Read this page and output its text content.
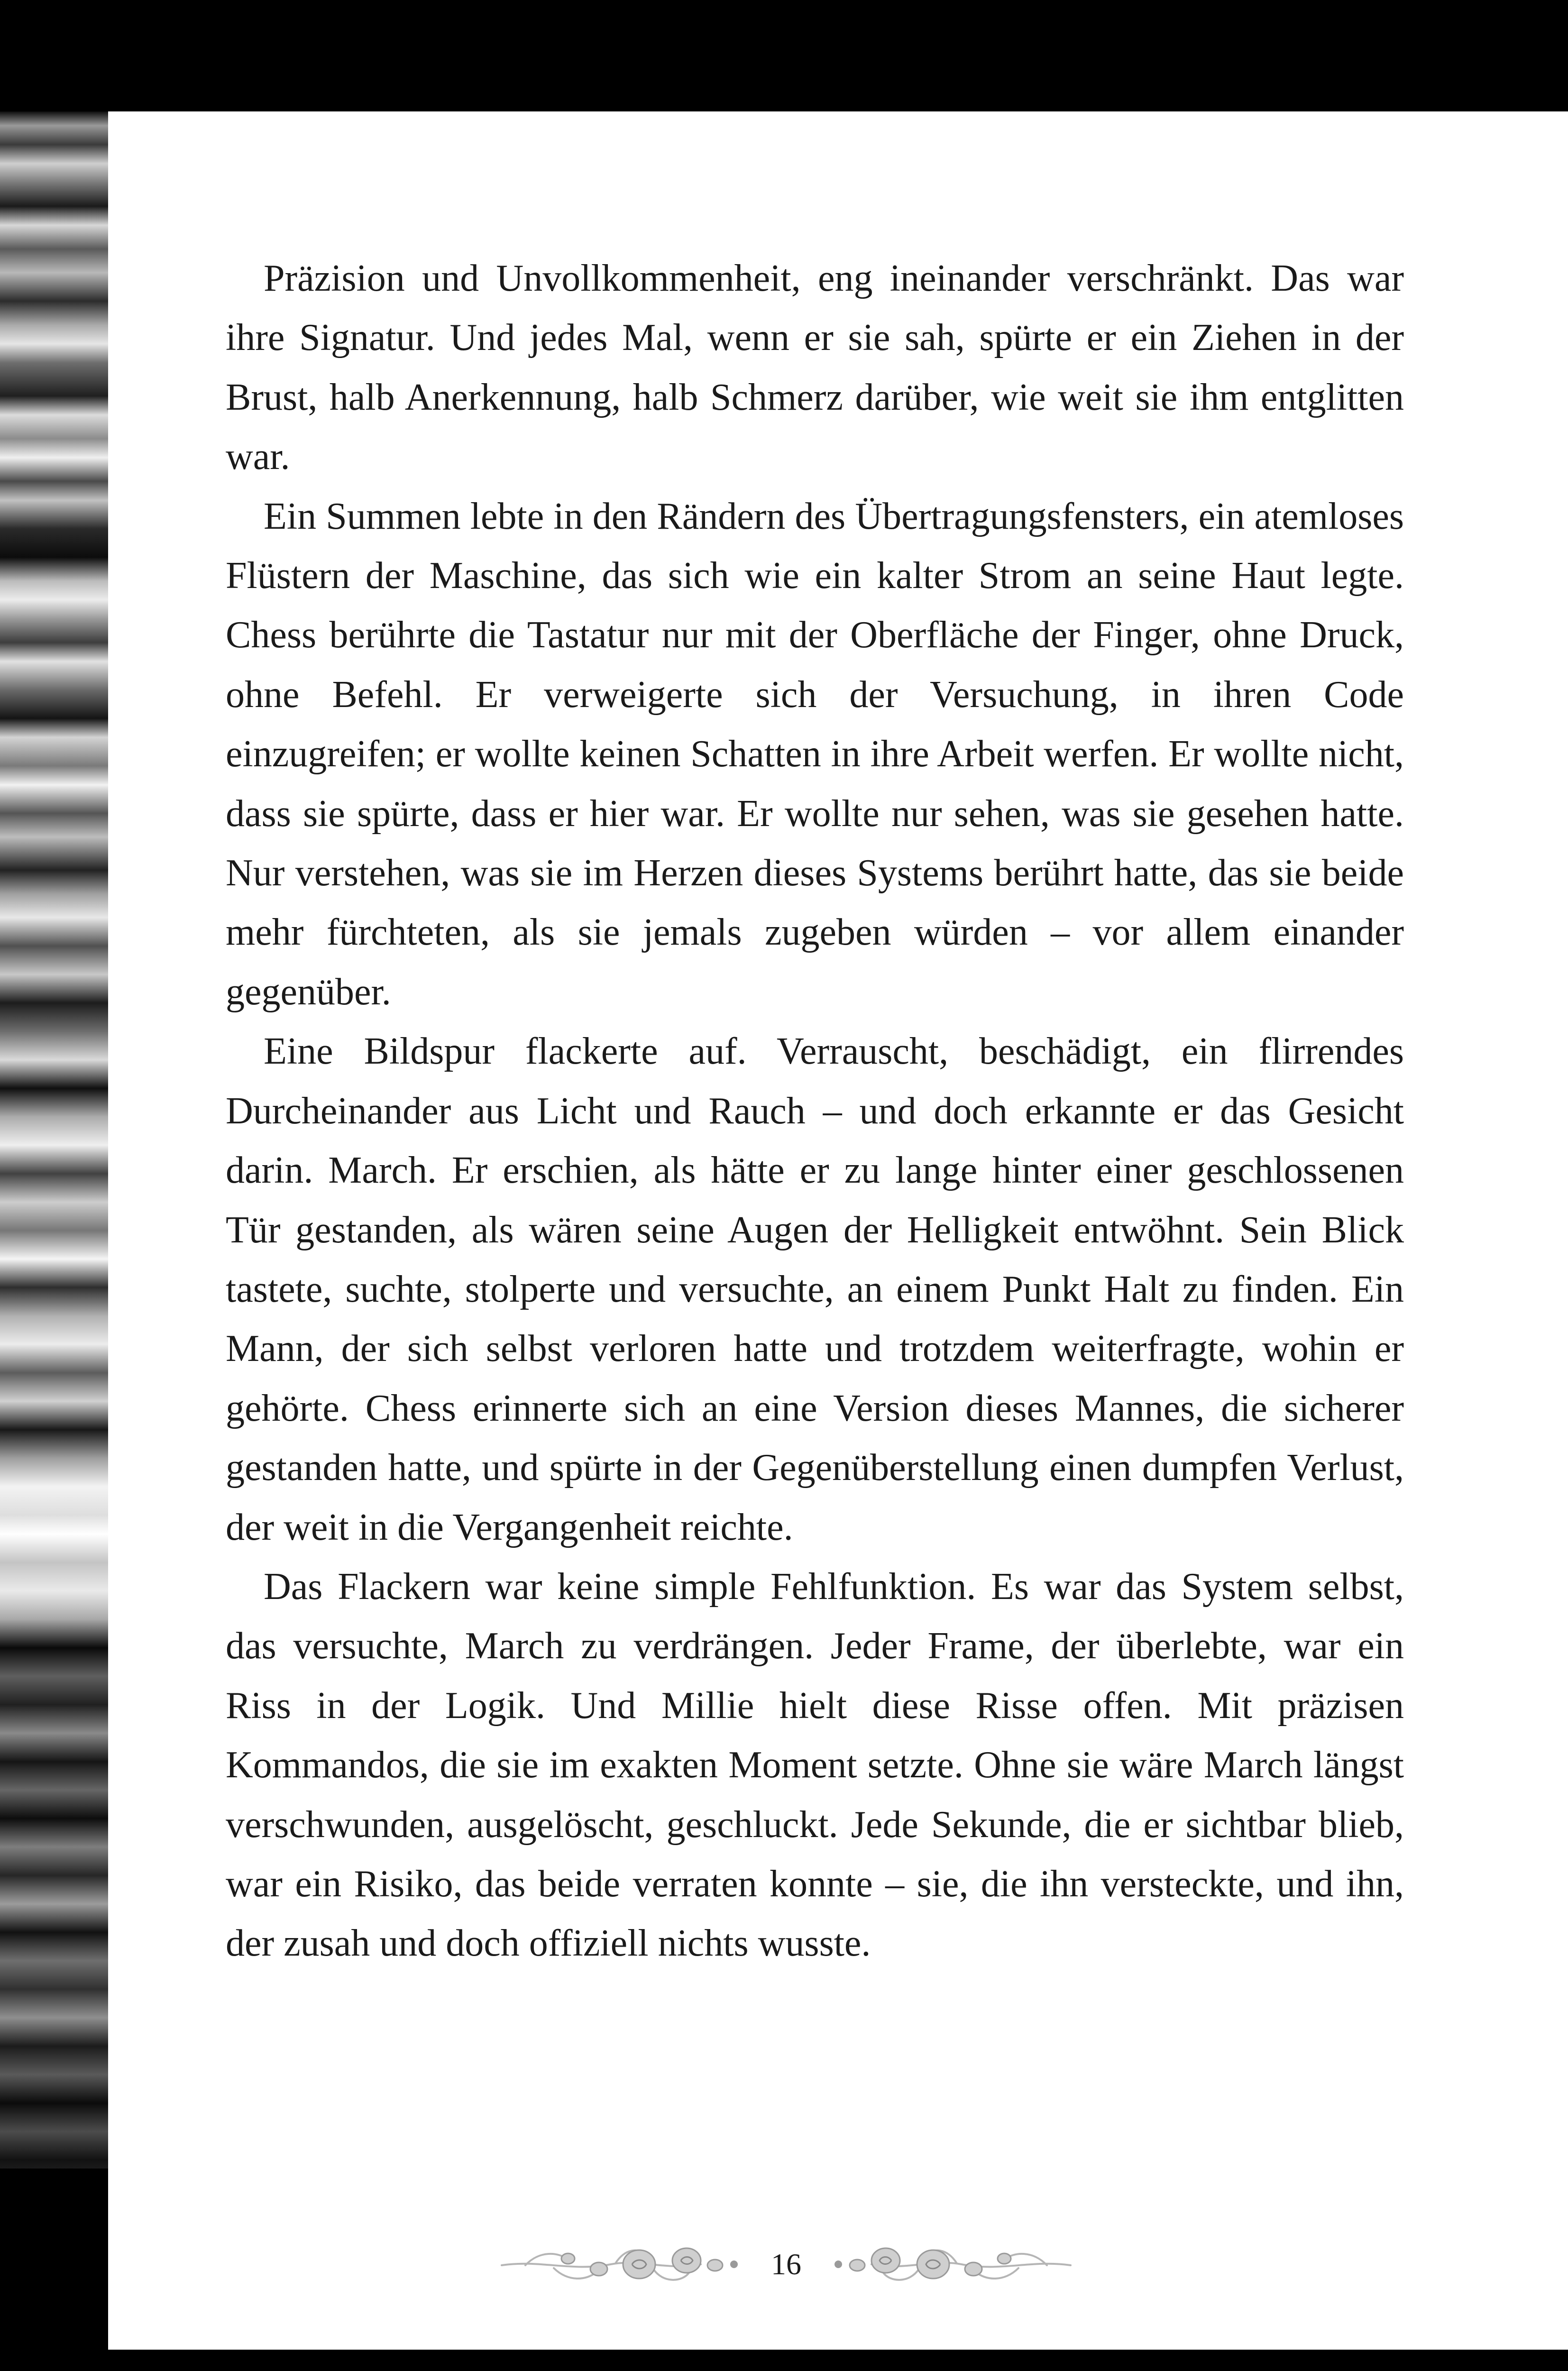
Präzision und Unvollkommenheit, eng ineinander verschränkt. Das war ihre Signatur. Und jedes Mal, wenn er sie sah, spürte er ein Ziehen in der Brust, halb Anerkennung, halb Schmerz darüber, wie weit sie ihm entglitten war.

Ein Summen lebte in den Rändern des Übertragungsfensters, ein atemloses Flüstern der Maschine, das sich wie ein kalter Strom an seine Haut legte. Chess berührte die Tastatur nur mit der Oberfläche der Finger, ohne Druck, ohne Befehl. Er verweigerte sich der Versuchung, in ihren Code einzugreifen; er wollte keinen Schatten in ihre Arbeit werfen. Er wollte nicht, dass sie spürte, dass er hier war. Er wollte nur sehen, was sie gesehen hatte. Nur verstehen, was sie im Herzen dieses Systems berührt hatte, das sie beide mehr fürchteten, als sie jemals zugeben würden – vor allem einander gegenüber.

Eine Bildspur flackerte auf. Verrauscht, beschädigt, ein flirrendes Durcheinander aus Licht und Rauch – und doch erkannte er das Gesicht darin. March. Er erschien, als hätte er zu lange hinter einer geschlossenen Tür gestanden, als wären seine Augen der Helligkeit entwöhnt. Sein Blick tastete, suchte, stolperte und versuchte, an einem Punkt Halt zu finden. Ein Mann, der sich selbst verloren hatte und trotzdem weiterfragte, wohin er gehörte. Chess erinnerte sich an eine Version dieses Mannes, die sicherer gestanden hatte, und spürte in der Gegenüberstellung einen dumpfen Verlust, der weit in die Vergangenheit reichte.

Das Flackern war keine simple Fehlfunktion. Es war das System selbst, das versuchte, March zu verdrängen. Jeder Frame, der überlebte, war ein Riss in der Logik. Und Millie hielt diese Risse offen. Mit präzisen Kommandos, die sie im exakten Moment setzte. Ohne sie wäre March längst verschwunden, ausgelöscht, geschluckt. Jede Sekunde, die er sichtbar blieb, war ein Risiko, das beide verraten konnte – sie, die ihn versteckte, und ihn, der zusah und doch offiziell nichts wusste.

16
